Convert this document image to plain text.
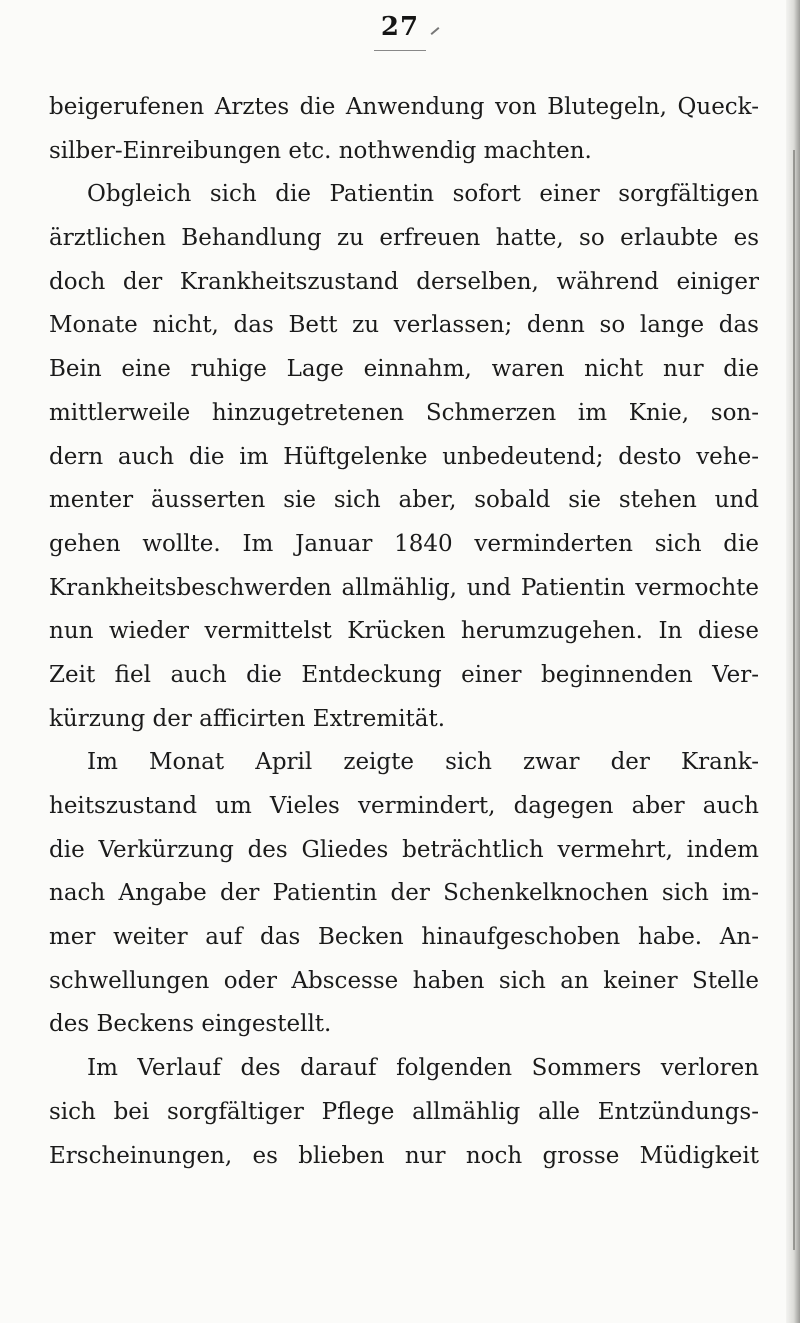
27
beigerufenen Arztes die Anwendung von Blutegeln, Queck-
silber-Einreibungen etc. nothwendig machten.
Obgleich sich die Patientin sofort einer sorgfältigen
ärztlichen Behandlung zu erfreuen hatte, so erlaubte es
doch der Krankheitszustand derselben, während einiger
Monate nicht, das Bett zu verlassen; denn so lange das
Bein eine ruhige Lage einnahm, waren nicht nur die
mittlerweile hinzugetretenen Schmerzen im Knie, son-
dern auch die im Hüftgelenke unbedeutend; desto vehe-
menter äusserten sie sich aber, sobald sie stehen und
gehen wollte. Im Januar 1840 verminderten sich die
Krankheitsbeschwerden allmählig, und Patientin vermochte
nun wieder vermittelst Krücken herumzugehen. In diese
Zeit fiel auch die Entdeckung einer beginnenden Ver-
kürzung der afficirten Extremität.
Im Monat April zeigte sich zwar der Krank-
heitszustand um Vieles vermindert, dagegen aber auch
die Verkürzung des Gliedes beträchtlich vermehrt, indem
nach Angabe der Patientin der Schenkelknochen sich im-
mer weiter auf das Becken hinaufgeschoben habe. An-
schwellungen oder Abscesse haben sich an keiner Stelle
des Beckens eingestellt.
Im Verlauf des darauf folgenden Sommers verloren
sich bei sorgfältiger Pflege allmählig alle Entzündungs-
Erscheinungen, es blieben nur noch grosse Müdigkeit
